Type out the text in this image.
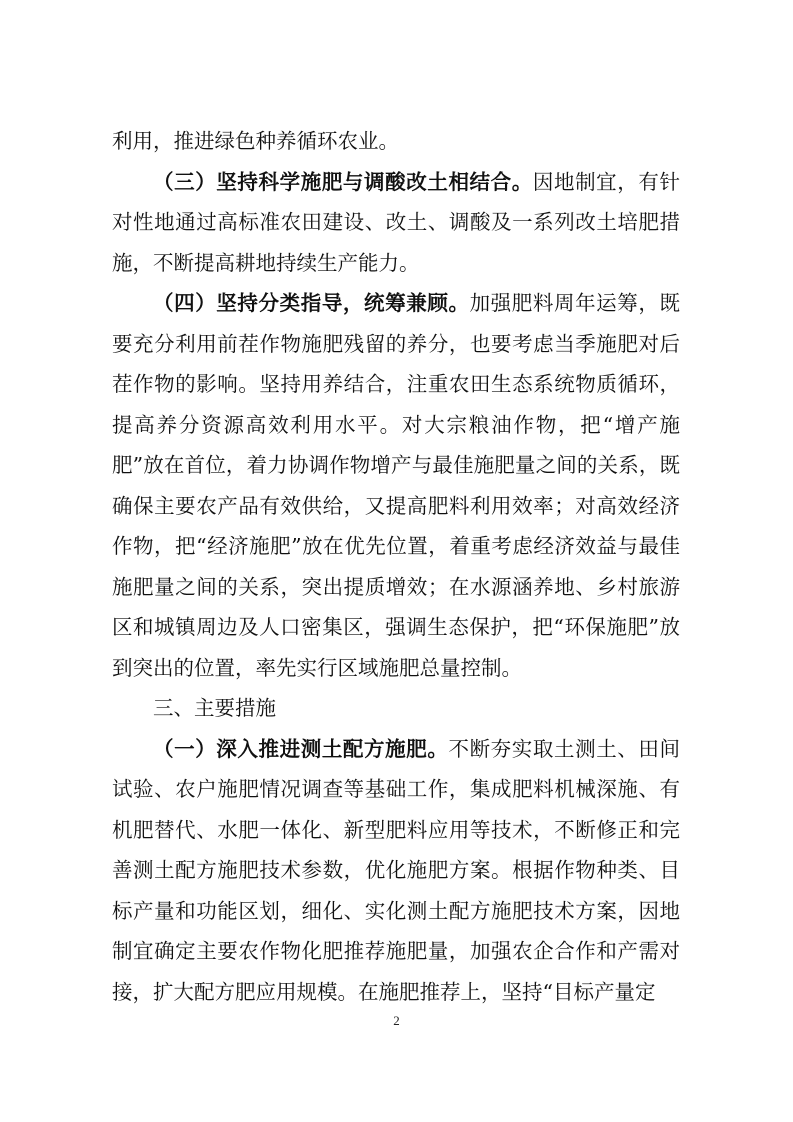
利用，推进绿色种养循环农业。

（三）坚持科学施肥与调酸改土相结合。因地制宜，有针对性地通过高标准农田建设、改土、调酸及一系列改土培肥措施，不断提高耕地持续生产能力。

（四）坚持分类指导，统筹兼顾。加强肥料周年运筹，既要充分利用前茬作物施肥残留的养分，也要考虑当季施肥对后茬作物的影响。坚持用养结合，注重农田生态系统物质循环，提高养分资源高效利用水平。对大宗粮油作物，把“增产施肥”放在首位，着力协调作物增产与最佳施肥量之间的关系，既确保主要农产品有效供给，又提高肥料利用效率；对高效经济作物，把“经济施肥”放在优先位置，着重考虑经济效益与最佳施肥量之间的关系，突出提质增效；在水源涵养地、乡村旅游区和城镇周边及人口密集区，强调生态保护，把“环保施肥”放到突出的位置，率先实行区域施肥总量控制。

三、主要措施

（一）深入推进测土配方施肥。不断夯实取土测土、田间试验、农户施肥情况调查等基础工作，集成肥料机械深施、有机肥替代、水肥一体化、新型肥料应用等技术，不断修正和完善测土配方施肥技术参数，优化施肥方案。根据作物种类、目标产量和功能区划，细化、实化测土配方施肥技术方案，因地制宜确定主要农作物化肥推荐施肥量，加强农企合作和产需对接，扩大配方肥应用规模。在施肥推荐上，坚持“目标产量定

2
